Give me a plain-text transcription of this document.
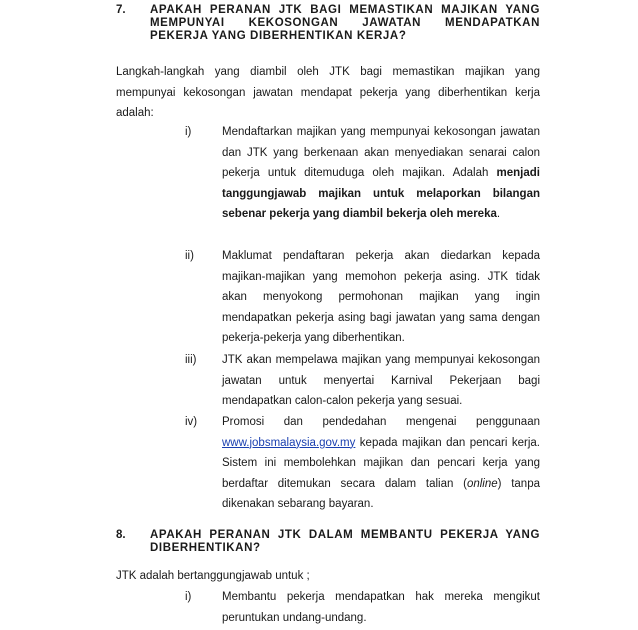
7. APAKAH PERANAN JTK BAGI MEMASTIKAN MAJIKAN YANG MEMPUNYAI KEKOSONGAN JAWATAN MENDAPATKAN PEKERJA YANG DIBERHENTIKAN KERJA?
Langkah-langkah yang diambil oleh JTK bagi memastikan majikan yang mempunyai kekosongan jawatan mendapat pekerja yang diberhentikan kerja adalah:
i)	Mendaftarkan majikan yang mempunyai kekosongan jawatan dan JTK yang berkenaan akan menyediakan senarai calon pekerja untuk ditemuduga oleh majikan. Adalah menjadi tanggungjawab majikan untuk melaporkan bilangan sebenar pekerja yang diambil bekerja oleh mereka.
ii) Maklumat pendaftaran pekerja akan diedarkan kepada majikan-majikan yang memohon pekerja asing. JTK tidak akan menyokong permohonan majikan yang ingin mendapatkan pekerja asing bagi jawatan yang sama dengan pekerja-pekerja yang diberhentikan.
iii) JTK akan mempelawa majikan yang mempunyai kekosongan jawatan untuk menyertai Karnival Pekerjaan bagi mendapatkan calon-calon pekerja yang sesuai.
iv) Promosi dan pendedahan mengenai penggunaan www.jobsmalaysia.gov.my kepada majikan dan pencari kerja. Sistem ini membolehkan majikan dan pencari kerja yang berdaftar ditemukan secara dalam talian (online) tanpa dikenakan sebarang bayaran.
8. APAKAH PERANAN JTK DALAM MEMBANTU PEKERJA YANG DIBERHENTIKAN?
JTK adalah bertanggungjawab untuk ;
i)	Membantu pekerja mendapatkan hak mereka mengikut peruntukan undang-undang.
